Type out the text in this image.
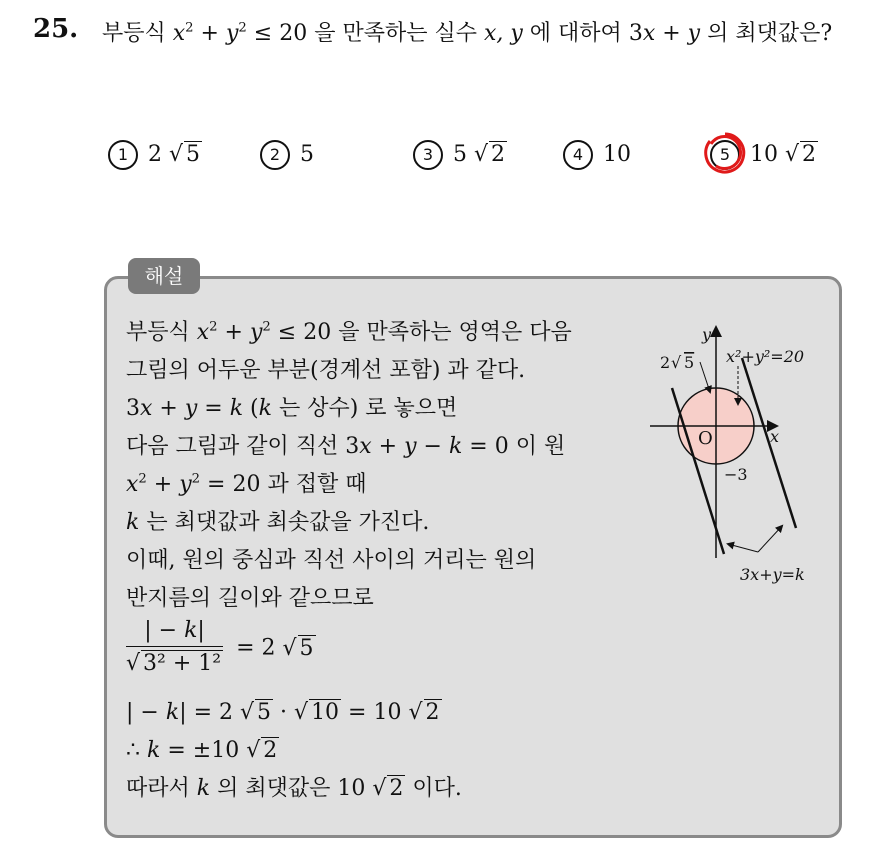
25. 부등식 $x^2 + y^2 \le 20$ 을 만족하는 실수 x, y 에 대하여 3x + y 의 최댓값은?
1 2 √ 5	2 5	3 5 √ 2	4 10	5 10 √ 2
해설
부등식 $x^2 + y^2 \le 20$ 을 만족하는 영역은 다음
그림의 어두운 부분(경계선 포함) 과 같다.
3x + y = k (k 는 상수) 로 놓으면
다음 그림과 같이 직선 3x + y − k = 0 이 원
$x^2 + y^2 = 20$ 과 접할 때
k 는 최댓값과 최솟값을 가진다.
이때, 원의 중심과 직선 사이의 거리는 원의
반지름의 길이와 같으므로
$\frac{| - k|}{\text{√ 3² + 1²}} = 2$ √ 5
| − k| = 2 √ 5 · √ 10 = 10 √ 2
∴ k = ±10 √ 2
따라서 k 의 최댓값은 10 √ 2 이다.
y
x
O
2 √ 5 x²+y²=20
−3
3x+y=k
